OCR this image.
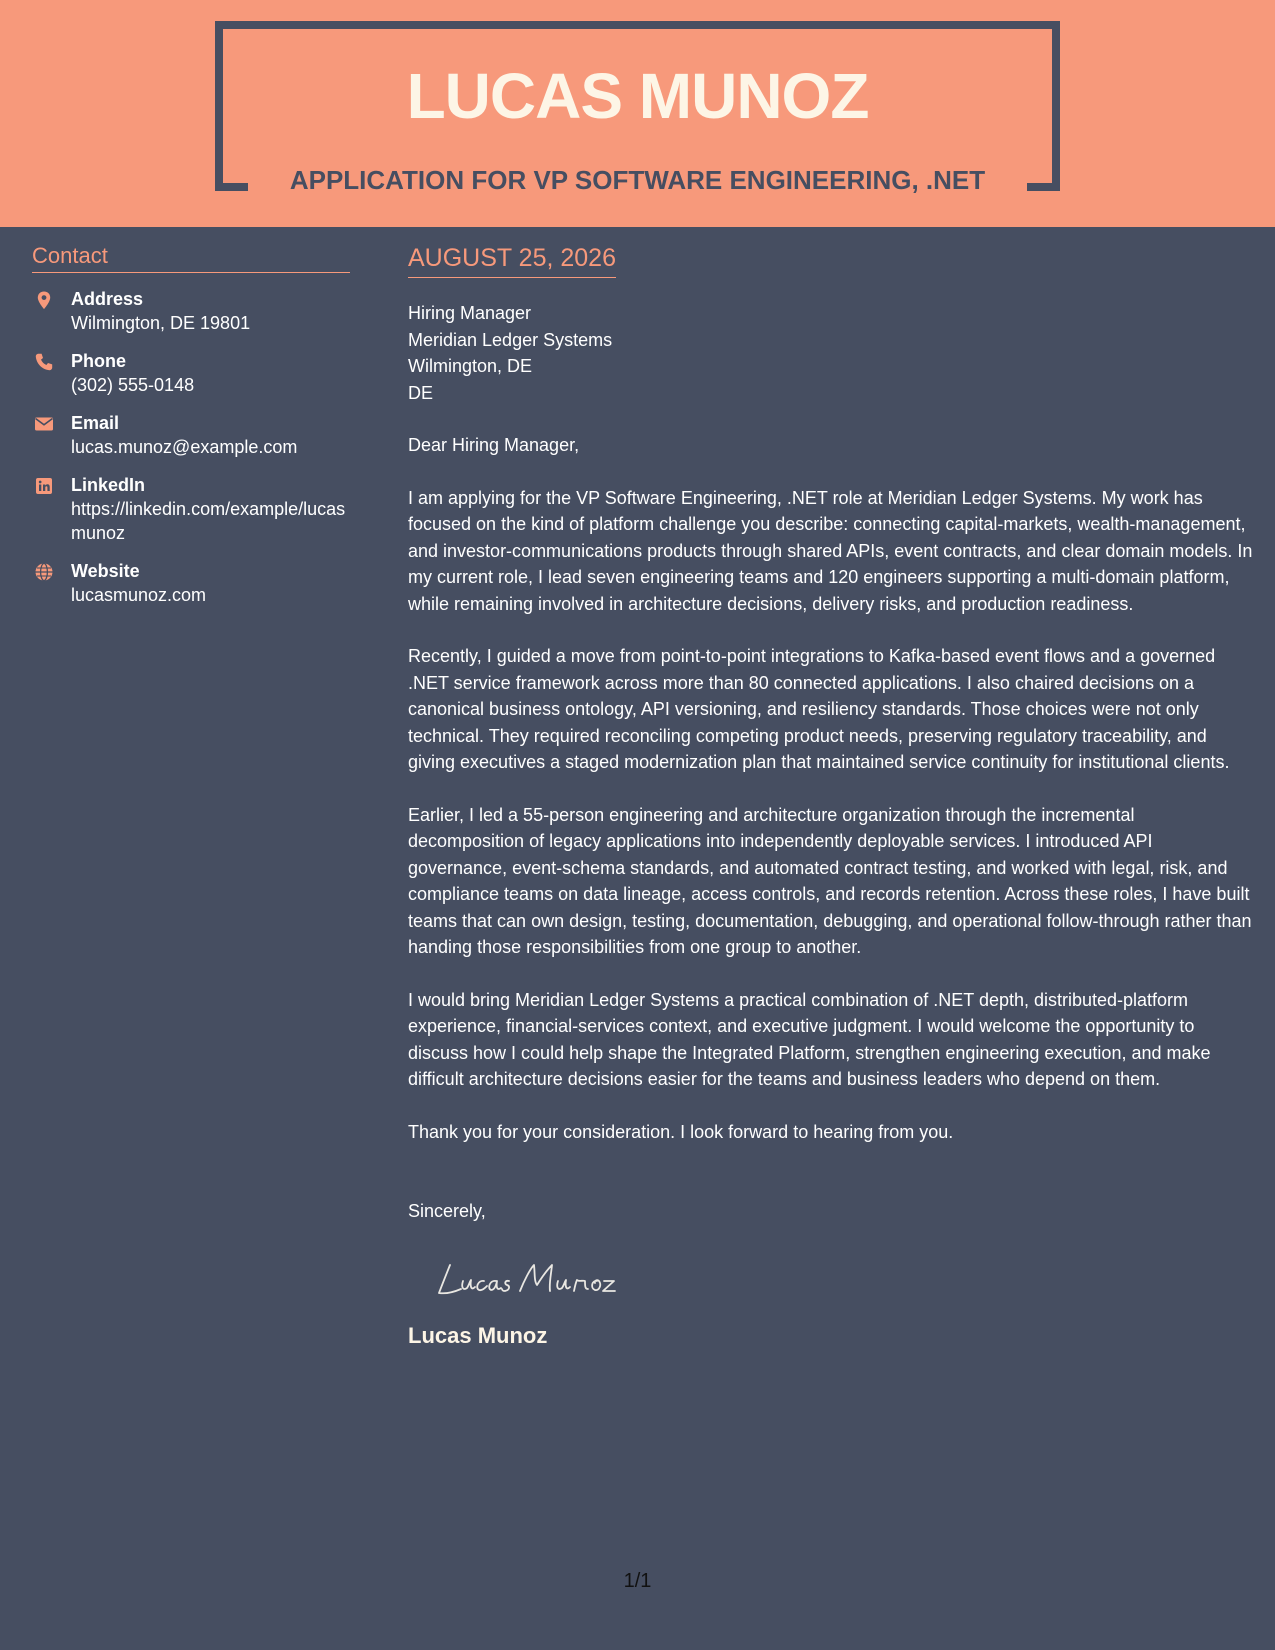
LUCAS MUNOZ
APPLICATION FOR VP SOFTWARE ENGINEERING, .NET
Contact
Address
Wilmington, DE 19801
Phone
(302) 555-0148
Email
lucas.munoz@example.com
LinkedIn
https://linkedin.com/example/lucasmunoz
Website
lucasmunoz.com
AUGUST 25, 2026
Hiring Manager
Meridian Ledger Systems
Wilmington, DE
DE

Dear Hiring Manager,

I am applying for the VP Software Engineering, .NET role at Meridian Ledger Systems. My work has focused on the kind of platform challenge you describe: connecting capital-markets, wealth-management, and investor-communications products through shared APIs, event contracts, and clear domain models. In my current role, I lead seven engineering teams and 120 engineers supporting a multi-domain platform, while remaining involved in architecture decisions, delivery risks, and production readiness.

Recently, I guided a move from point-to-point integrations to Kafka-based event flows and a governed .NET service framework across more than 80 connected applications. I also chaired decisions on a canonical business ontology, API versioning, and resiliency standards. Those choices were not only technical. They required reconciling competing product needs, preserving regulatory traceability, and giving executives a staged modernization plan that maintained service continuity for institutional clients.

Earlier, I led a 55-person engineering and architecture organization through the incremental decomposition of legacy applications into independently deployable services. I introduced API governance, event-schema standards, and automated contract testing, and worked with legal, risk, and compliance teams on data lineage, access controls, and records retention. Across these roles, I have built teams that can own design, testing, documentation, debugging, and operational follow-through rather than handing those responsibilities from one group to another.

I would bring Meridian Ledger Systems a practical combination of .NET depth, distributed-platform experience, financial-services context, and executive judgment. I would welcome the opportunity to discuss how I could help shape the Integrated Platform, strengthen engineering execution, and make difficult architecture decisions easier for the teams and business leaders who depend on them.

Thank you for your consideration. I look forward to hearing from you.

Sincerely,
Lucas Munoz
1/1
